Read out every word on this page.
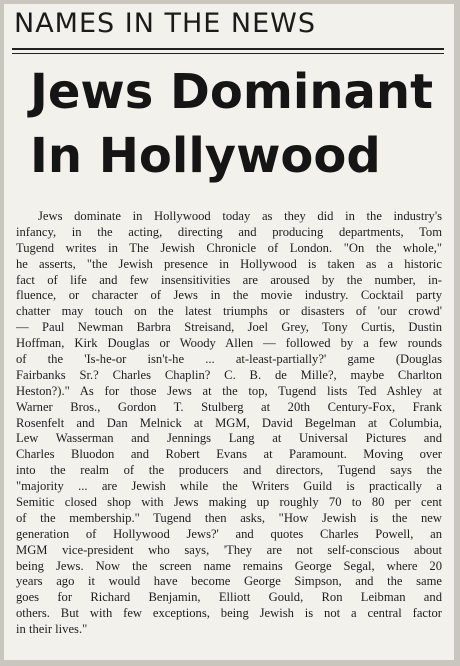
NAMES IN THE NEWS
Jews Dominant
In Hollywood
Jews dominate in Hollywood today as they did in the industry's
infancy, in the acting, directing and producing departments, Tom
Tugend writes in The Jewish Chronicle of London. "On the whole,"
he asserts, "the Jewish presence in Hollywood is taken as a historic
fact of life and few insensitivities are aroused by the number, in-
fluence, or character of Jews in the movie industry. Cocktail party
chatter may touch on the latest triumphs or disasters of 'our crowd'
— Paul Newman Barbra Streisand, Joel Grey, Tony Curtis, Dustin
Hoffman, Kirk Douglas or Woody Allen — followed by a few rounds
of the 'Is-he-or isn't-he ... at-least-partially?' game (Douglas
Fairbanks Sr.? Charles Chaplin? C. B. de Mille?, maybe Charlton
Heston?)." As for those Jews at the top, Tugend lists Ted Ashley at
Warner Bros., Gordon T. Stulberg at 20th Century-Fox, Frank
Rosenfelt and Dan Melnick at MGM, David Begelman at Columbia,
Lew Wasserman and Jennings Lang at Universal Pictures and
Charles Bluodon and Robert Evans at Paramount. Moving over
into the realm of the producers and directors, Tugend says the
"majority ... are Jewish while the Writers Guild is practically a
Semitic closed shop with Jews making up roughly 70 to 80 per cent
of the membership." Tugend then asks, "How Jewish is the new
generation of Hollywood Jews?' and quotes Charles Powell, an
MGM vice-president who says, 'They are not self-conscious about
being Jews. Now the screen name remains George Segal, where 20
years ago it would have become George Simpson, and the same
goes for Richard Benjamin, Elliott Gould, Ron Leibman and
others. But with few exceptions, being Jewish is not a central factor
in their lives."
